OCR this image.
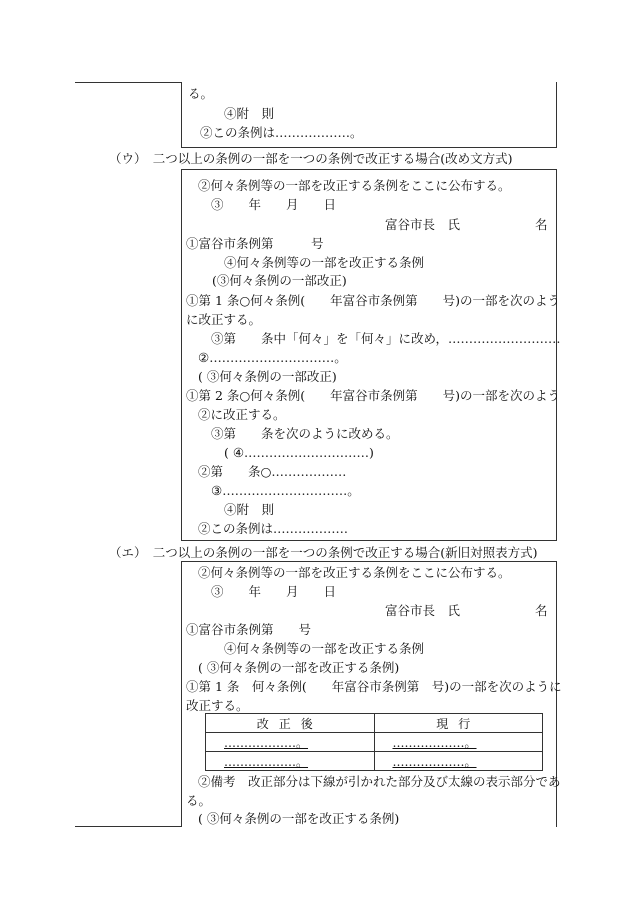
る。
④附　則
②この条例は………………。
（ウ）　二つ以上の条例の一部を一つの条例で改正する場合(改め文方式)
②何々条例等の一部を改正する条例をここに公布する。
③　　年　　月　　日
富谷市長　氏　　　　　　名
①富谷市条例第　　　号
④何々条例等の一部を改正する条例
(③何々条例の一部改正)
①第 1 条○何々条例(　　年富谷市条例第　　号)の一部を次のよう
に改正する。
③第　　条中「何々」を「何々」に改め，………………………
②…………………………。
( ③何々条例の一部改正)
①第 2 条○何々条例(　　年富谷市条例第　　号)の一部を次のよう
②に改正する。
③第　　条を次のように改める。
( ④…………………………)
②第　　条○………………
③…………………………。
④附　則
②この条例は………………
（エ）　二つ以上の条例の一部を一つの条例で改正する場合(新旧対照表方式)
②何々条例等の一部を改正する条例をここに公布する。
③　　年　　月　　日
富谷市長　氏　　　　　　名
①富谷市条例第　　号
④何々条例等の一部を改正する条例
( ③何々条例の一部を改正する条例)
①第 1 条　何々条例(　　年富谷市条例第　号)の一部を次のように
改正する。
改正後	現行
………………。	………………。
………………。	………………。
②備考　改正部分は下線が引かれた部分及び太線の表示部分であ
る。
( ③何々条例の一部を改正する条例)
